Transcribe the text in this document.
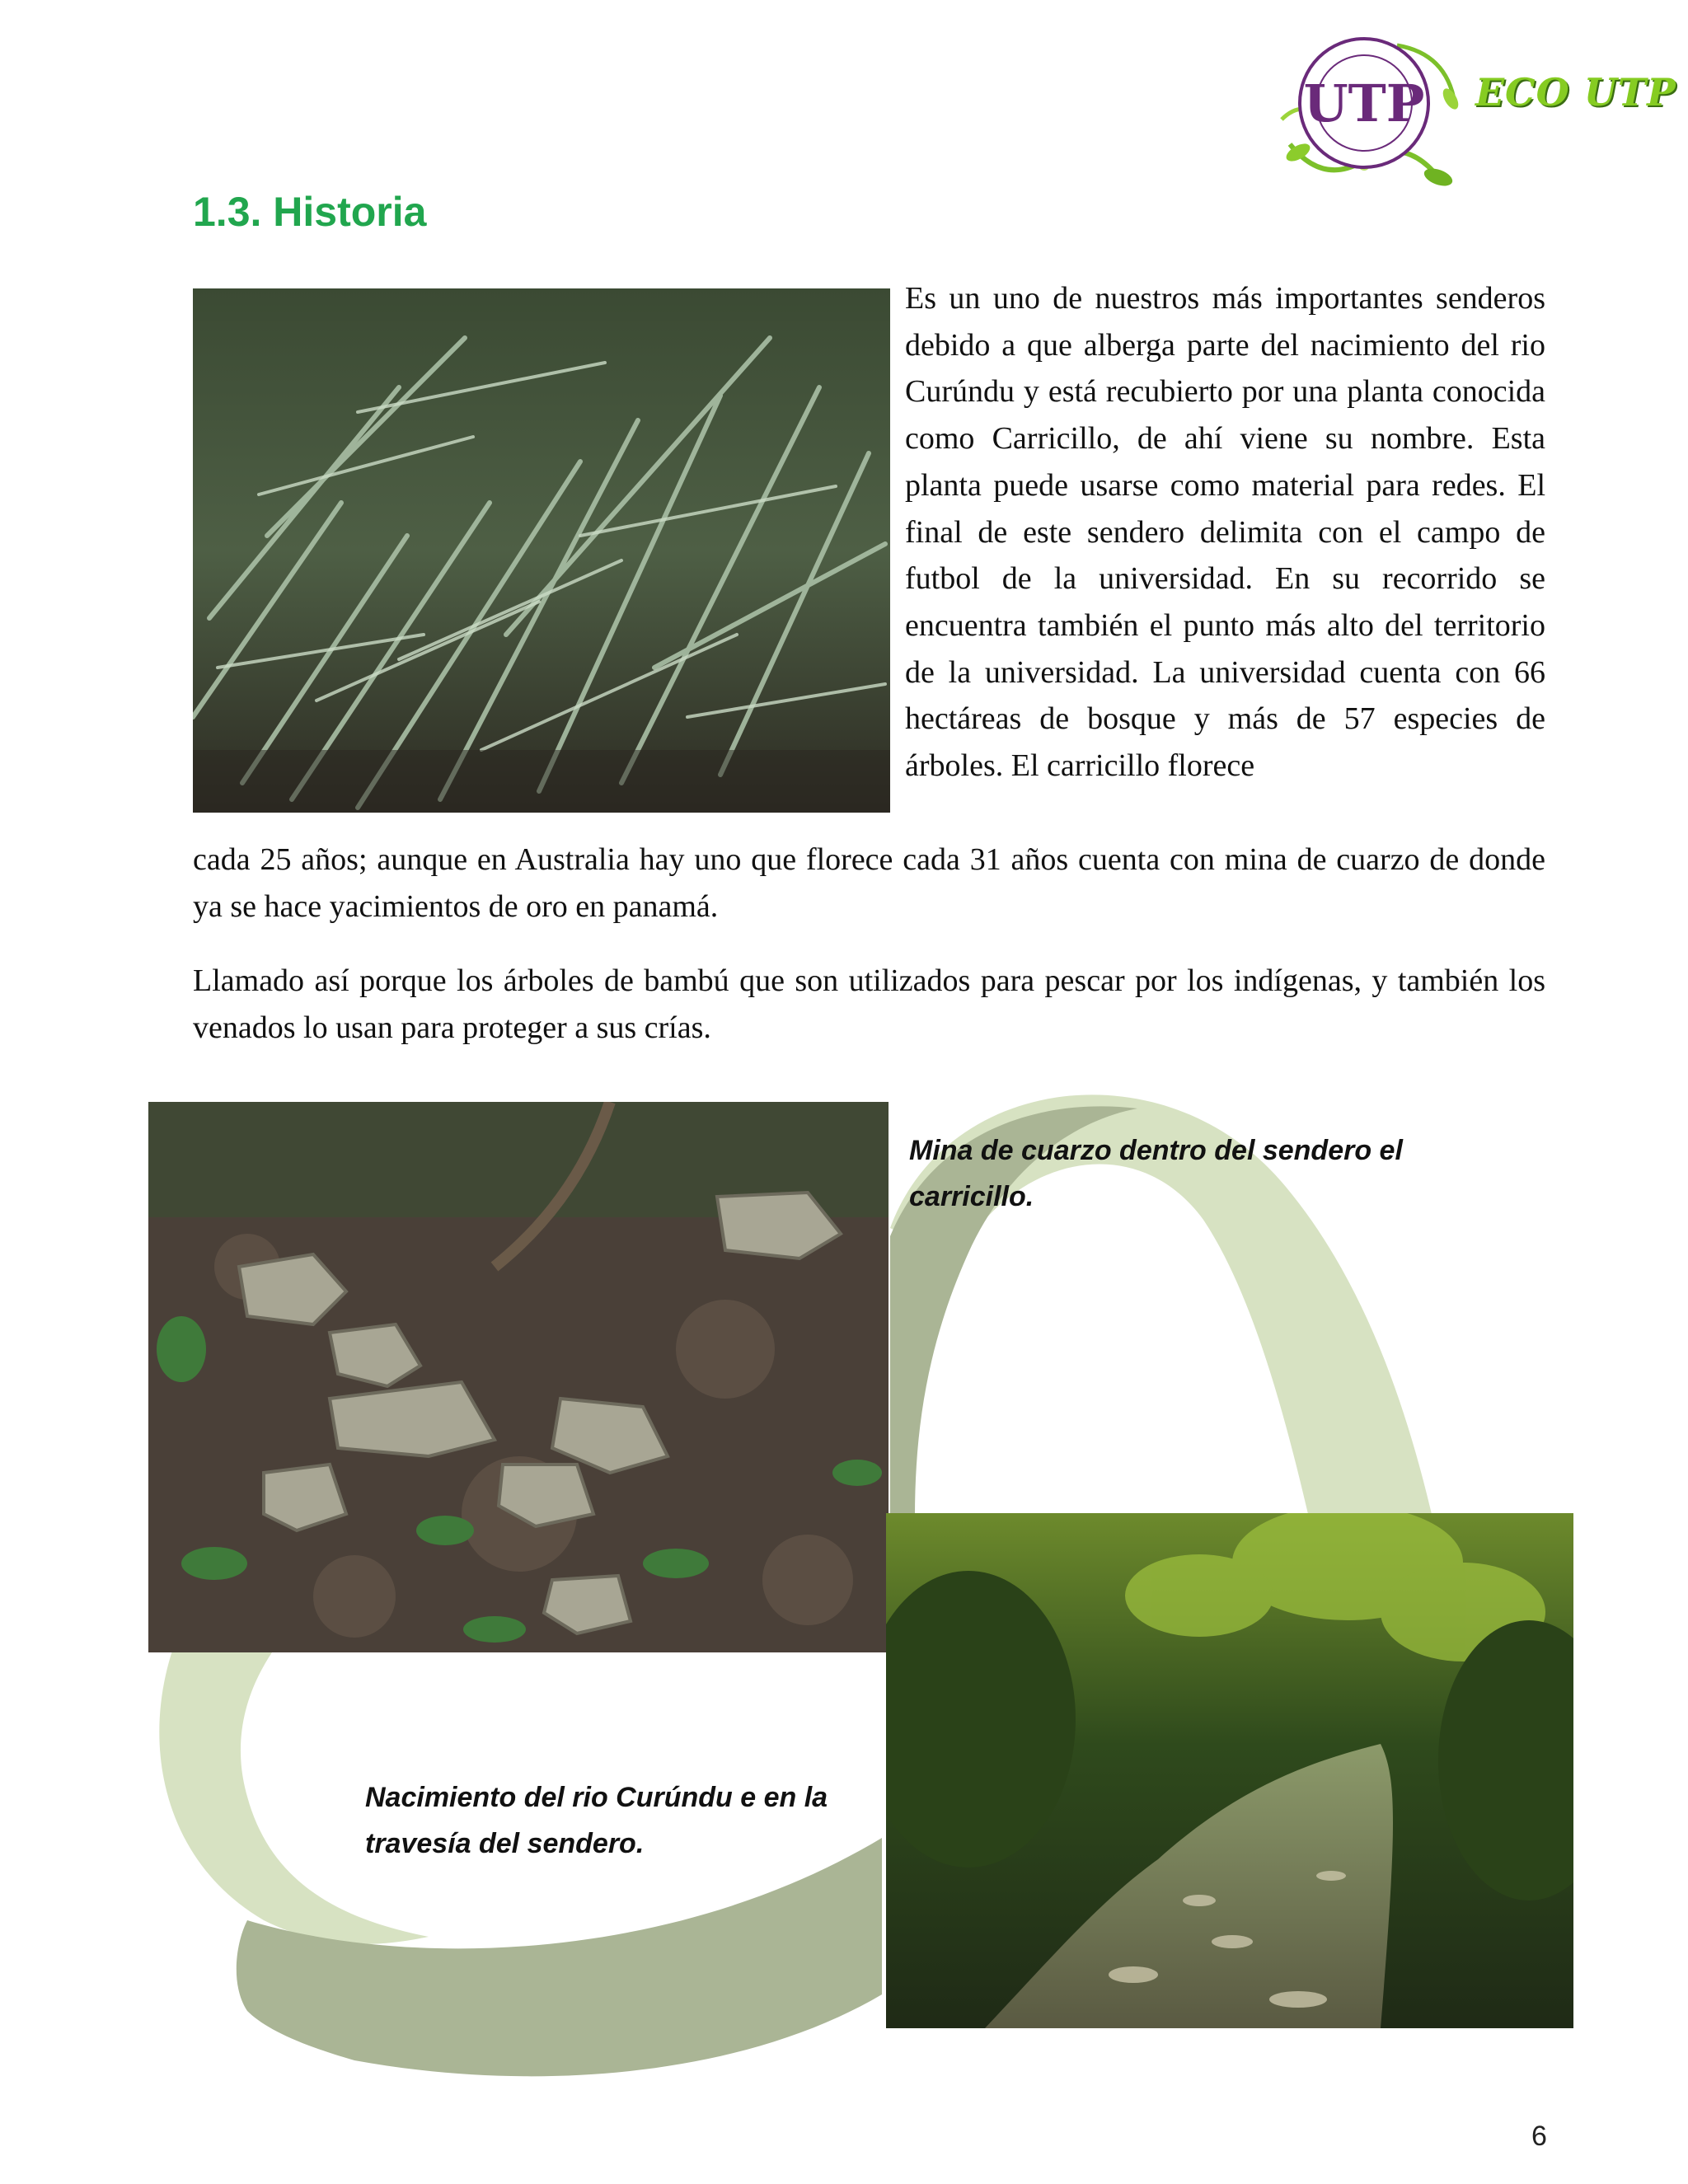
UTP ECO UTP
1.3. Historia

Es un uno de nuestros más importantes senderos debido a que alberga parte del nacimiento del rio Curúndu y está recubierto por una planta conocida como Carricillo, de ahí viene su nombre. Esta planta puede usarse como material para redes. El final de este sendero delimita con el campo de futbol de la universidad. En su recorrido se encuentra también el punto más alto del territorio de la universidad. La universidad cuenta con 66 hectáreas de bosque y más de 57 especies de árboles. El carricillo florece

cada 25 años; aunque en Australia hay uno que florece cada 31 años cuenta con mina de cuarzo de donde ya se hace yacimientos de oro en panamá.

Llamado así porque los árboles de bambú que son utilizados para pescar por los indígenas, y también los venados lo usan para proteger a sus crías.

Mina de cuarzo dentro del sendero el carricillo.

Nacimiento del rio Curúndu e en la travesía del sendero.

6
